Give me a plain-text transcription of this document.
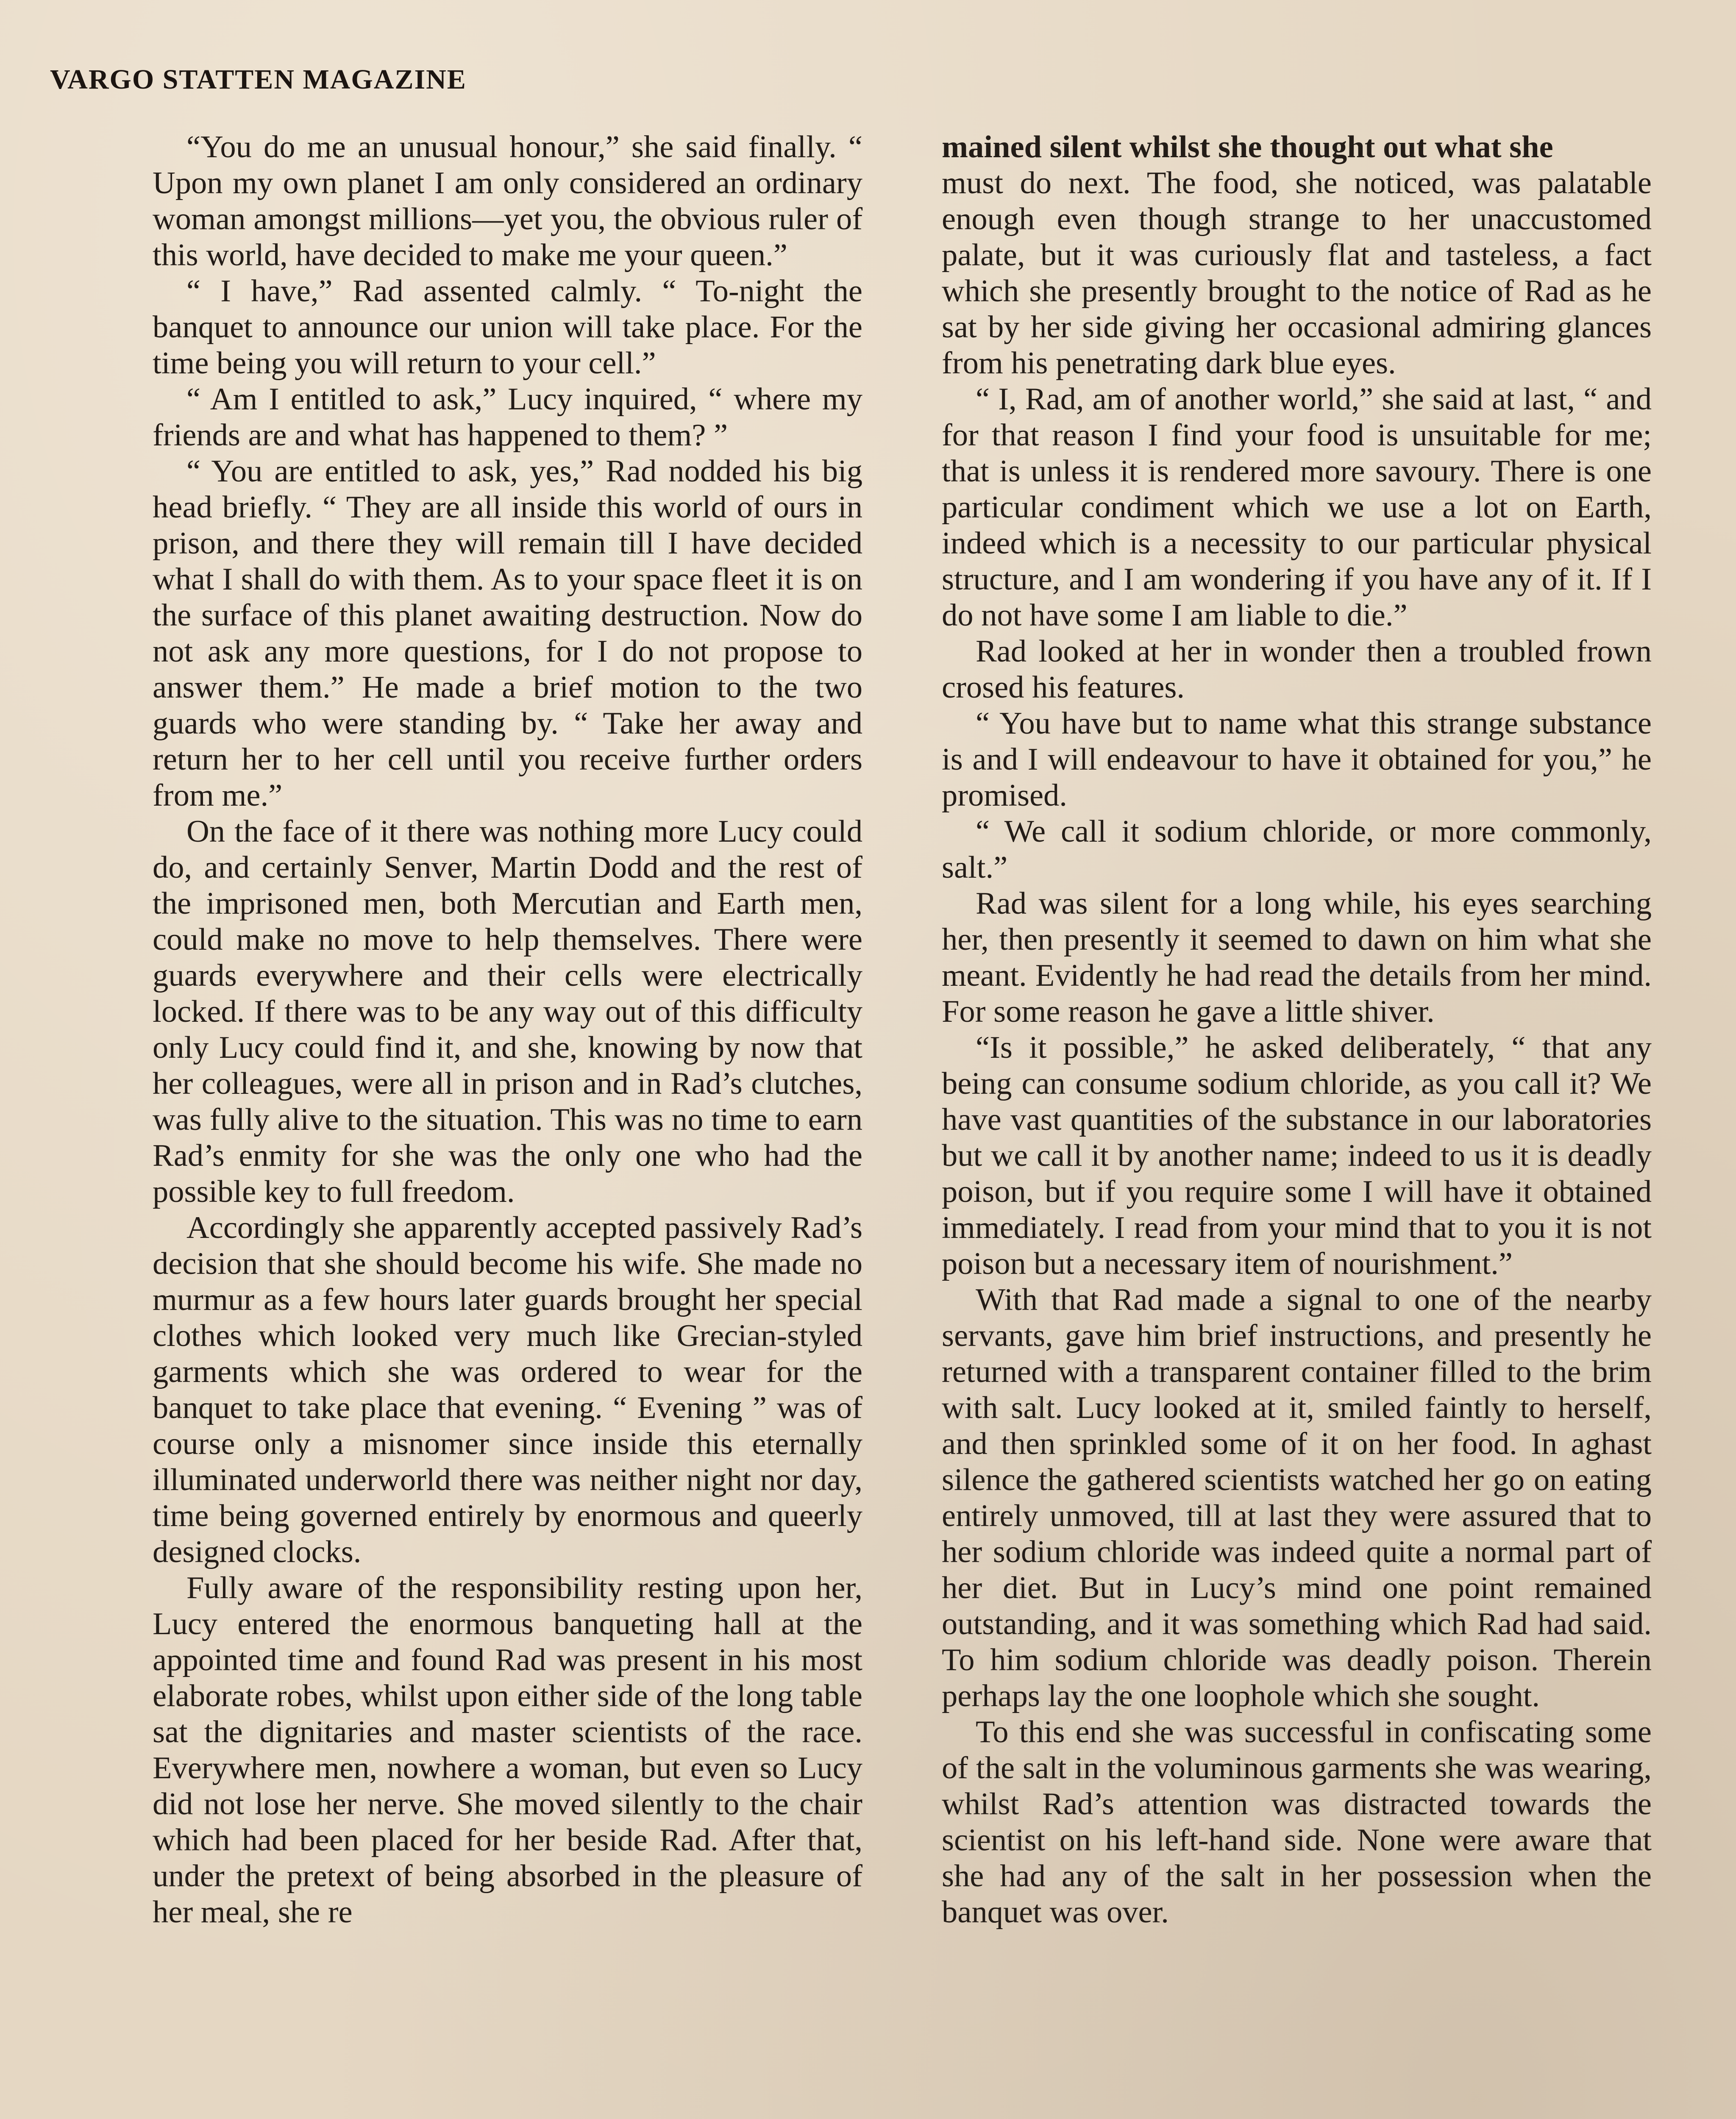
VARGO STATTEN MAGAZINE

“You do me an unusual honour,” she said finally. “ Upon my own planet I am only considered an ordinary woman amongst millions—yet you, the obvious ruler of this world, have decided to make me your queen.”

“ I have,” Rad assented calmly. “ To-night the banquet to announce our union will take place. For the time being you will return to your cell.”

“ Am I entitled to ask,” Lucy inquired, “ where my friends are and what has happened to them? ”

“ You are entitled to ask, yes,” Rad nodded his big head briefly. “ They are all inside this world of ours in prison, and there they will remain till I have decided what I shall do with them. As to your space fleet it is on the surface of this planet awaiting destruction. Now do not ask any more questions, for I do not propose to answer them.” He made a brief motion to the two guards who were standing by. “ Take her away and return her to her cell until you receive further orders from me.”

On the face of it there was nothing more Lucy could do, and certainly Senver, Martin Dodd and the rest of the imprisoned men, both Mercutian and Earth men, could make no move to help themselves. There were guards everywhere and their cells were electrically locked. If there was to be any way out of this difficulty only Lucy could find it, and she, knowing by now that her colleagues, were all in prison and in Rad’s clutches, was fully alive to the situation. This was no time to earn Rad’s enmity for she was the only one who had the possible key to full freedom.

Accordingly she apparently accepted passively Rad’s decision that she should become his wife. She made no murmur as a few hours later guards brought her special clothes which looked very much like Grecian-styled garments which she was ordered to wear for the banquet to take place that evening. “ Evening ” was of course only a misnomer since inside this eternally illuminated underworld there was neither night nor day, time being governed entirely by enormous and queerly designed clocks.

Fully aware of the responsibility resting upon her, Lucy entered the enormous banqueting hall at the appointed time and found Rad was present in his most elaborate robes, whilst upon either side of the long table sat the dignitaries and master scientists of the race. Everywhere men, nowhere a woman, but even so Lucy did not lose her nerve. She moved silently to the chair which had been placed for her beside Rad. After that, under the pretext of being absorbed in the pleasure of her meal, she re

mained silent whilst she thought out what she

must do next. The food, she noticed, was palatable enough even though strange to her unaccustomed palate, but it was curiously flat and tasteless, a fact which she presently brought to the notice of Rad as he sat by her side giving her occasional admiring glances from his penetrating dark blue eyes.

“ I, Rad, am of another world,” she said at last, “ and for that reason I find your food is unsuitable for me; that is unless it is rendered more savoury. There is one particular condiment which we use a lot on Earth, indeed which is a necessity to our particular physical structure, and I am wondering if you have any of it. If I do not have some I am liable to die.”

Rad looked at her in wonder then a troubled frown crosed his features.

“ You have but to name what this strange substance is and I will endeavour to have it obtained for you,” he promised.

“ We call it sodium chloride, or more commonly, salt.”

Rad was silent for a long while, his eyes searching her, then presently it seemed to dawn on him what she meant. Evidently he had read the details from her mind. For some reason he gave a little shiver.

“Is it possible,” he asked deliberately, “ that any being can consume sodium chloride, as you call it? We have vast quantities of the substance in our laboratories but we call it by another name; indeed to us it is deadly poison, but if you require some I will have it obtained immediately. I read from your mind that to you it is not poison but a necessary item of nourishment.”

With that Rad made a signal to one of the nearby servants, gave him brief instructions, and presently he returned with a transparent container filled to the brim with salt. Lucy looked at it, smiled faintly to herself, and then sprinkled some of it on her food. In aghast silence the gathered scientists watched her go on eating entirely unmoved, till at last they were assured that to her sodium chloride was indeed quite a normal part of her diet. But in Lucy’s mind one point remained outstanding, and it was something which Rad had said. To him sodium chloride was deadly poison. Therein perhaps lay the one loophole which she sought.

To this end she was successful in confiscating some of the salt in the voluminous garments she was wearing, whilst Rad’s attention was distracted towards the scientist on his left-hand side. None were aware that she had any of the salt in her possession when the banquet was over.
